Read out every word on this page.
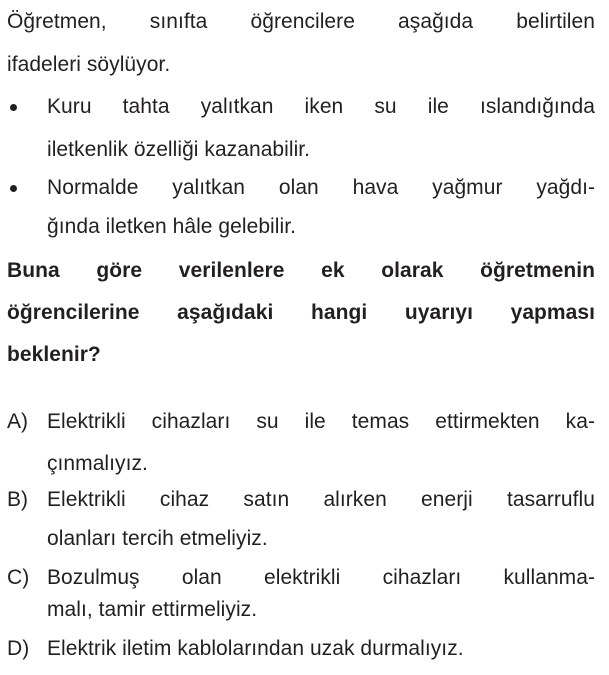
Öğretmen, sınıfta öğrencilere aşağıda belirtilen
ifadeleri söylüyor.
Kuru tahta yalıtkan iken su ile ıslandığında
iletkenlik özelliği kazanabilir.
Normalde yalıtkan olan hava yağmur yağdı-
ğında iletken hâle gelebilir.
Buna göre verilenlere ek olarak öğretmenin
öğrencilerine aşağıdaki hangi uyarıyı yapması
beklenir?
A) Elektrikli cihazları su ile temas ettirmekten ka-
çınmalıyız.
B) Elektrikli cihaz satın alırken enerji tasarruflu
olanları tercih etmeliyiz.
C) Bozulmuş olan elektrikli cihazları kullanma-
malı, tamir ettirmeliyiz.
D) Elektrik iletim kablolarından uzak durmalıyız.
